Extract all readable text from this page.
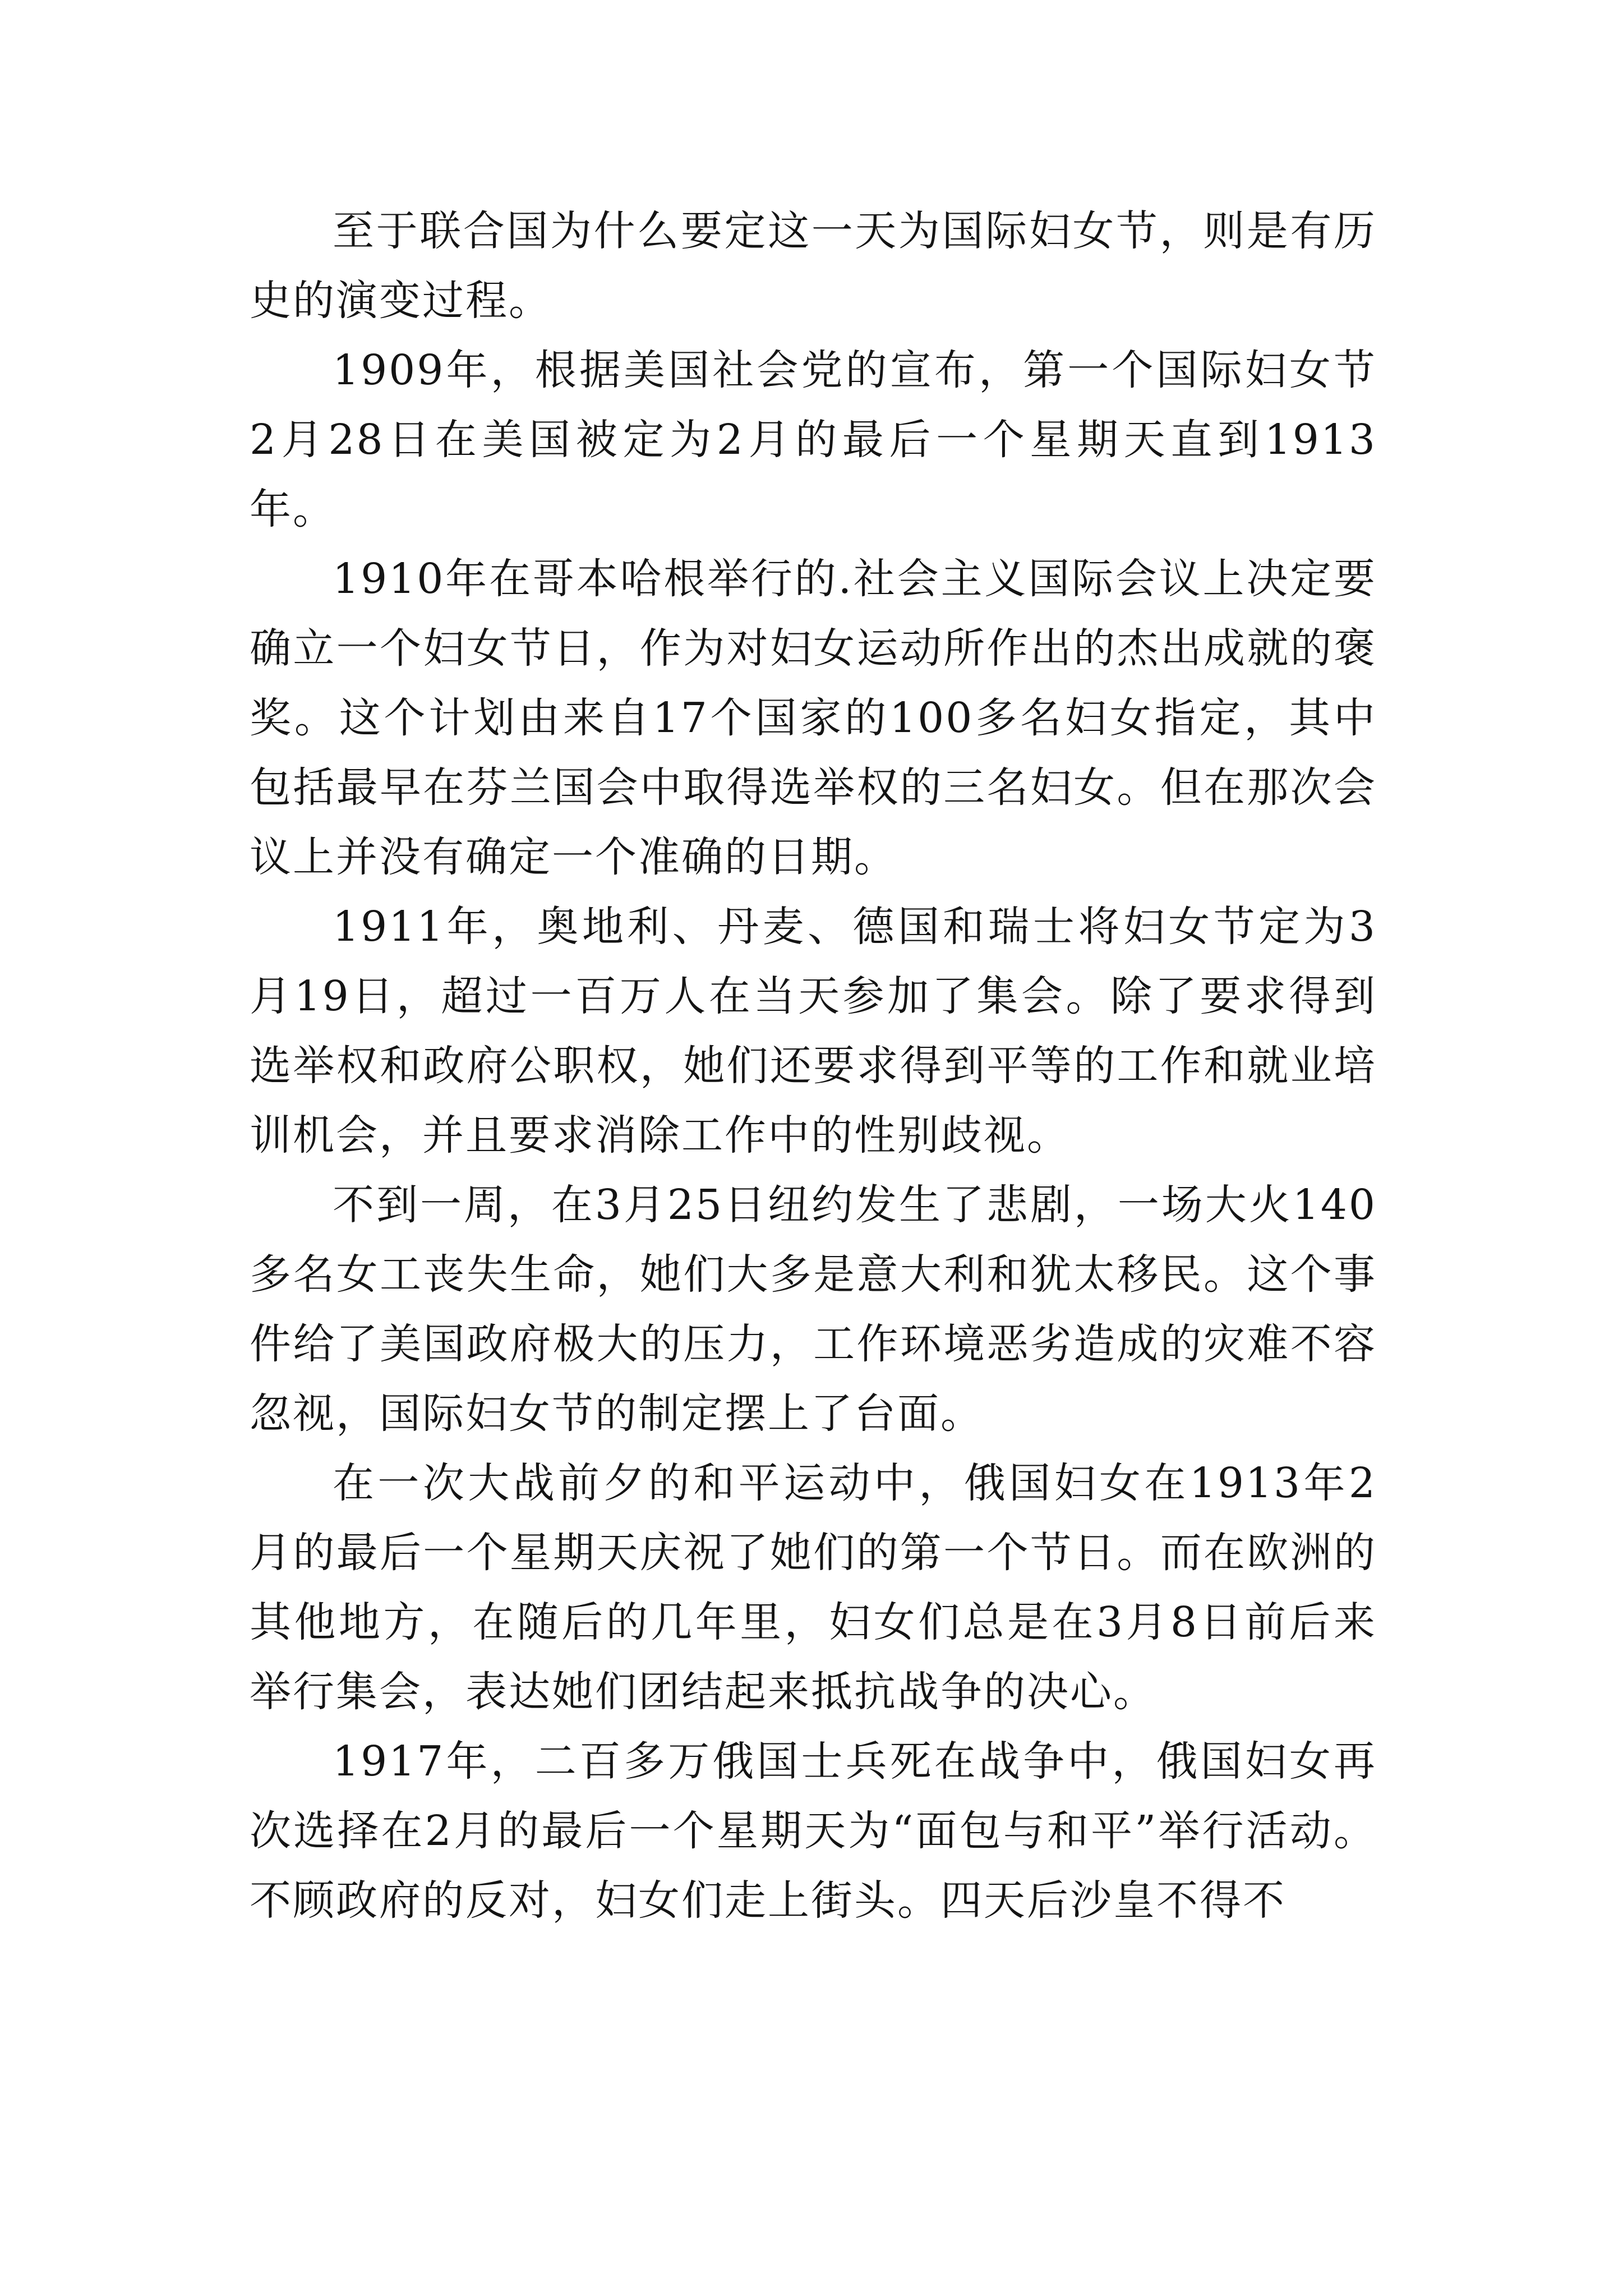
至于联合国为什么要定这一天为国际妇女节，则是有历史的演变过程。

1909年，根据美国社会党的宣布，第一个国际妇女节2月28日在美国被定为2月的最后一个星期天直到1913年。

1910年在哥本哈根举行的.社会主义国际会议上决定要确立一个妇女节日，作为对妇女运动所作出的杰出成就的褒奖。这个计划由来自17个国家的100多名妇女指定，其中包括最早在芬兰国会中取得选举权的三名妇女。但在那次会议上并没有确定一个准确的日期。

1911年，奥地利、丹麦、德国和瑞士将妇女节定为3月19日，超过一百万人在当天参加了集会。除了要求得到选举权和政府公职权，她们还要求得到平等的工作和就业培训机会，并且要求消除工作中的性别歧视。

不到一周，在3月25日纽约发生了悲剧，一场大火140多名女工丧失生命，她们大多是意大利和犹太移民。这个事件给了美国政府极大的压力，工作环境恶劣造成的灾难不容忽视，国际妇女节的制定摆上了台面。

在一次大战前夕的和平运动中，俄国妇女在1913年2月的最后一个星期天庆祝了她们的第一个节日。而在欧洲的其他地方，在随后的几年里，妇女们总是在3月8日前后来举行集会，表达她们团结起来抵抗战争的决心。

1917年，二百多万俄国士兵死在战争中，俄国妇女再次选择在2月的最后一个星期天为“面包与和平”举行活动。不顾政府的反对，妇女们走上街头。四天后沙皇不得不
